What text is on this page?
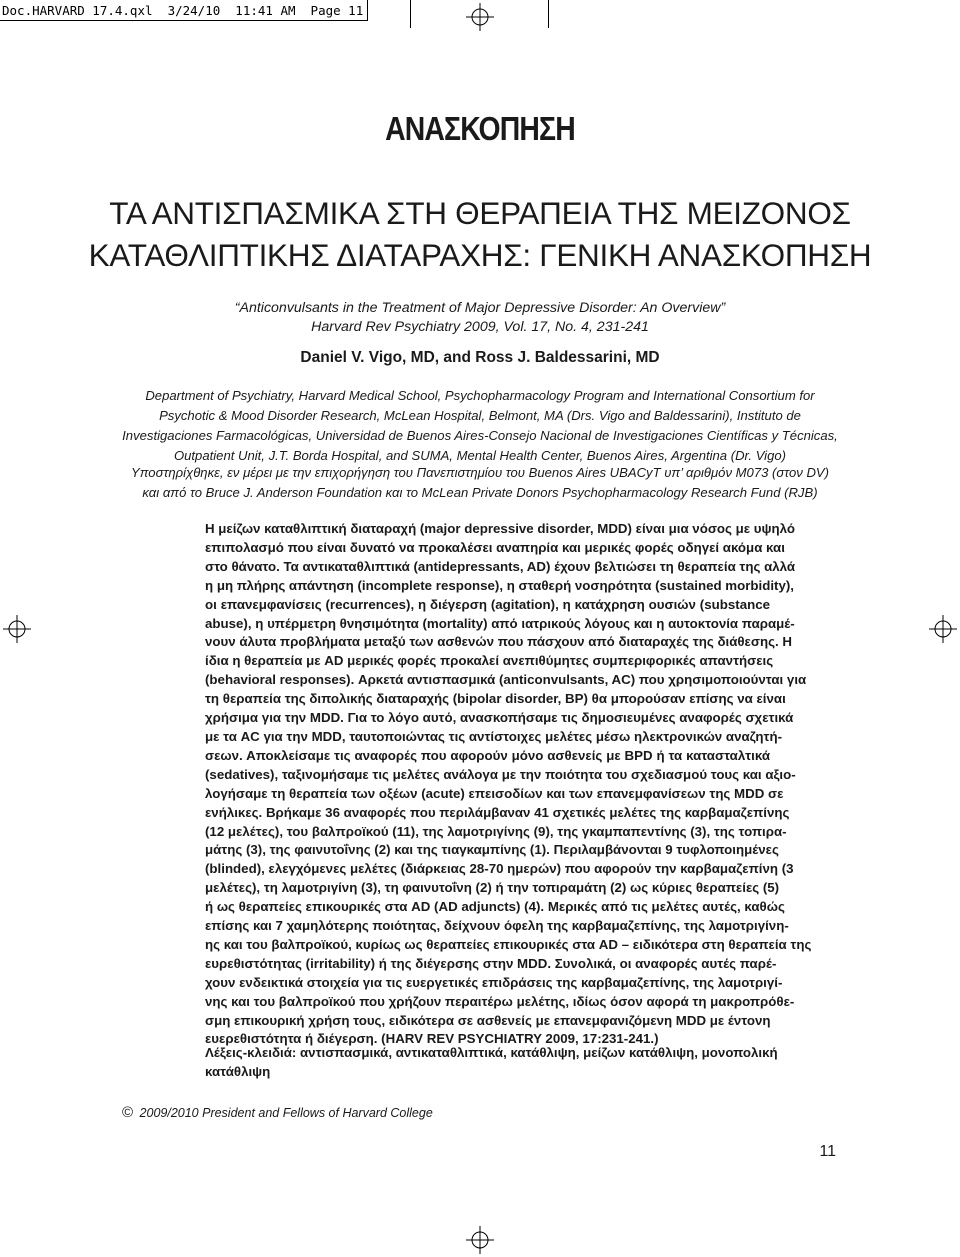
Doc.HARVARD 17.4.qxl  3/24/10  11:41 AM  Page 11
ΑΝΑΣΚΟΠΗΣΗ
ΤΑ ΑΝΤΙΣΠΑΣΜΙΚΑ ΣΤΗ ΘΕΡΑΠΕΙΑ ΤΗΣ ΜΕΙΖΟΝΟΣ
ΚΑΤΑΘΛΙΠΤΙΚΗΣ ΔΙΑΤΑΡΑΧΗΣ: ΓΕΝΙΚΗ ΑΝΑΣΚΟΠΗΣΗ
“Anticonvulsants in the Treatment of Major Depressive Disorder: An Overview”
Harvard Rev Psychiatry 2009, Vol. 17, No. 4, 231-241
Daniel V. Vigo, MD, and Ross J. Baldessarini, MD
Department of Psychiatry, Harvard Medical School, Psychopharmacology Program and International Consortium for
Psychotic & Mood Disorder Research, McLean Hospital, Belmont, MA (Drs. Vigo and Baldessarini), Instituto de
Investigaciones Farmacológicas, Universidad de Buenos Aires-Consejo Nacional de Investigaciones Científicas y Técnicas,
Outpatient Unit, J.T. Borda Hospital, and SUMA, Mental Health Center, Buenos Aires, Argentina (Dr. Vigo)
Υποστηρίχθηκε, εν μέρει με την επιχορήγηση του Πανεπιστημίου του Buenos Aires UBACyT υπ’ αριθμόν M073 (στον DV)
και από το Bruce J. Anderson Foundation και το McLean Private Donors Psychopharmacology Research Fund (RJB)
Η μείζων καταθλιπτική διαταραχή (major depressive disorder, MDD) είναι μια νόσος με υψηλό
επιπολασμό που είναι δυνατό να προκαλέσει αναπηρία και μερικές φορές οδηγεί ακόμα και
στο θάνατο. Τα αντικαταθλιπτικά (antidepressants, AD) έχουν βελτιώσει τη θεραπεία της αλλά
η μη πλήρης απάντηση (incomplete response), η σταθερή νοσηρότητα (sustained morbidity),
οι επανεμφανίσεις (recurrences), η διέγερση (agitation), η κατάχρηση ουσιών (substance
abuse), η υπέρμετρη θνησιμότητα (mortality) από ιατρικούς λόγους και η αυτοκτονία παραμέ-
νουν άλυτα προβλήματα μεταξύ των ασθενών που πάσχουν από διαταραχές της διάθεσης. Η
ίδια η θεραπεία με AD μερικές φορές προκαλεί ανεπιθύμητες συμπεριφορικές απαντήσεις
(behavioral responses). Αρκετά αντισπασμικά (anticonvulsants, AC) που χρησιμοποιούνται για
τη θεραπεία της διπολικής διαταραχής (bipolar disorder, BP) θα μπορούσαν επίσης να είναι
χρήσιμα για την MDD. Για το λόγο αυτό, ανασκοπήσαμε τις δημοσιευμένες αναφορές σχετικά
με τα AC για την MDD, ταυτοποιώντας τις αντίστοιχες μελέτες μέσω ηλεκτρονικών αναζητή-
σεων. Αποκλείσαμε τις αναφορές που αφορούν μόνο ασθενείς με BPD ή τα κατασταλτικά
(sedatives), ταξινομήσαμε τις μελέτες ανάλογα με την ποιότητα του σχεδιασμού τους και αξιο-
λογήσαμε τη θεραπεία των οξέων (acute) επεισοδίων και των επανεμφανίσεων της MDD σε
ενήλικες. Βρήκαμε 36 αναφορές που περιλάμβαναν 41 σχετικές μελέτες της καρβαμαζεπίνης
(12 μελέτες), του βαλπροϊκού (11), της λαμοτριγίνης (9), της γκαμπαπεντίνης (3), της τοπιρα-
μάτης (3), της φαινυτοΐνης (2) και της τιαγκαμπίνης (1). Περιλαμβάνονται 9 τυφλοποιημένες
(blinded), ελεγχόμενες μελέτες (διάρκειας 28-70 ημερών) που αφορούν την καρβαμαζεπίνη (3
μελέτες), τη λαμοτριγίνη (3), τη φαινυτοΐνη (2) ή την τοπιραμάτη (2) ως κύριες θεραπείες (5)
ή ως θεραπείες επικουρικές στα AD (AD adjuncts) (4). Μερικές από τις μελέτες αυτές, καθώς
επίσης και 7 χαμηλότερης ποιότητας, δείχνουν όφελη της καρβαμαζεπίνης, της λαμοτριγίνη-
ης και του βαλπροϊκού, κυρίως ως θεραπείες επικουρικές στα AD – ειδικότερα στη θεραπεία της
ευρεθιστότητας (irritability) ή της διέγερσης στην MDD. Συνολικά, οι αναφορές αυτές παρέ-
χουν ενδεικτικά στοιχεία για τις ευεργετικές επιδράσεις της καρβαμαζεπίνης, της λαμοτριγί-
νης και του βαλπροϊκού που χρήζουν περαιτέρω μελέτης, ιδίως όσον αφορά τη μακροπρόθε-
σμη επικουρική χρήση τους, ειδικότερα σε ασθενείς με επανεμφανιζόμενη MDD με έντονη
ευερεθιστότητα ή διέγερση. (HARV REV PSYCHIATRY 2009, 17:231-241.)
Λέξεις-κλειδιά: αντισπασμικά, αντικαταθλιπτικά, κατάθλιψη, μείζων κατάθλιψη, μονοπολική
κατάθλιψη
© 2009/2010 President and Fellows of Harvard College
11
